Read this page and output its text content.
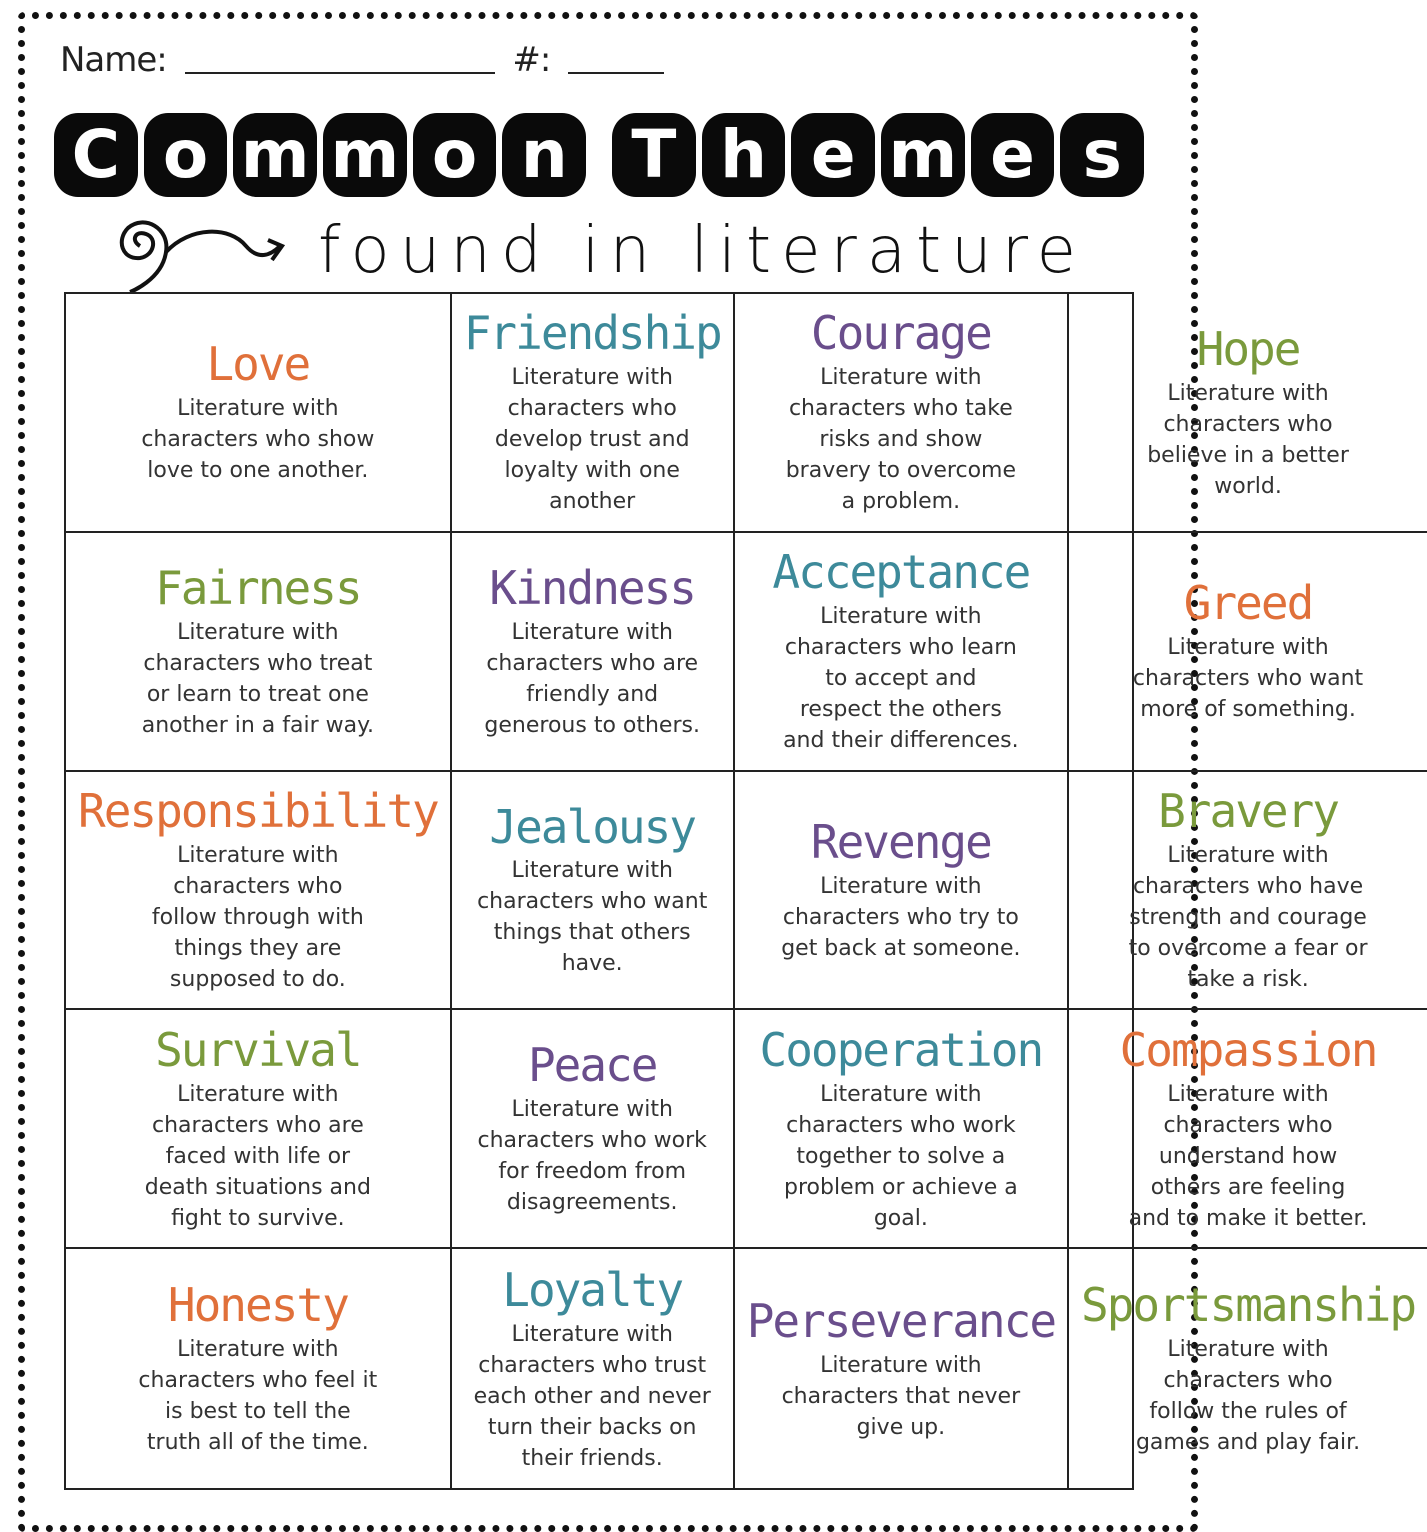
Name:	#:
C o m m o n T h e m e s
found in literature
Love
Literature with characters who show love to one another.
Friendship
Literature with characters who develop trust and loyalty with one another
Courage
Literature with characters who take risks and show bravery to overcome a problem.
Hope
Literature with characters who believe in a better world.
Fairness
Literature with characters who treat or learn to treat one another in a fair way.
Kindness
Literature with characters who are friendly and generous to others.
Acceptance
Literature with characters who learn to accept and respect the others and their differences.
Greed
Literature with characters who want more of something.
Responsibility
Literature with characters who follow through with things they are supposed to do.
Jealousy
Literature with characters who want things that others have.
Revenge
Literature with characters who try to get back at someone.
Bravery
Literature with characters who have strength and courage to overcome a fear or take a risk.
Survival
Literature with characters who are faced with life or death situations and fight to survive.
Peace
Literature with characters who work for freedom from disagreements.
Cooperation
Literature with characters who work together to solve a problem or achieve a goal.
Compassion
Literature with characters who understand how others are feeling and to make it better.
Honesty
Literature with characters who feel it is best to tell the truth all of the time.
Loyalty
Literature with characters who trust each other and never turn their backs on their friends.
Perseverance
Literature with characters that never give up.
Sportsmanship
Literature with characters who follow the rules of games and play fair.
